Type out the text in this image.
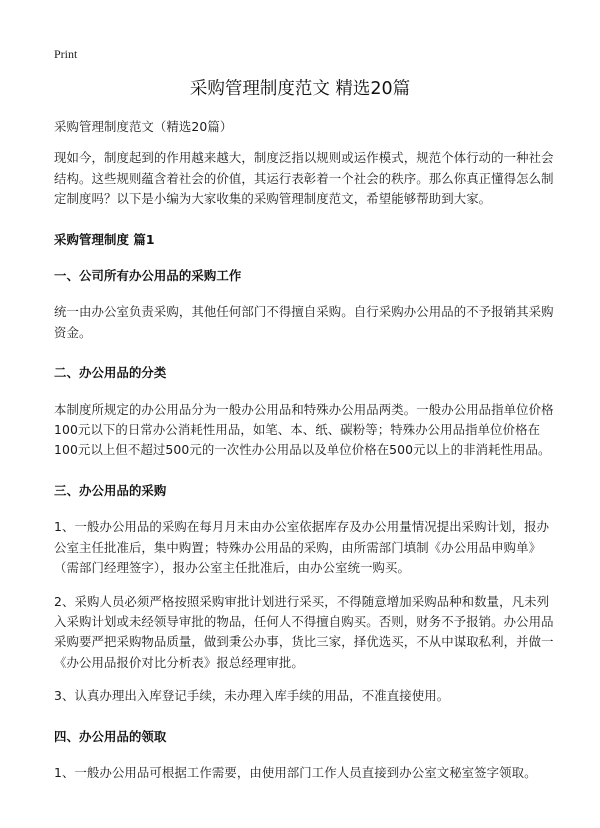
Print
采购管理制度范文 精选20篇

采购管理制度范文（精选20篇）

现如今，制度起到的作用越来越大，制度泛指以规则或运作模式，规范个体行动的一种社会结构。这些规则蕴含着社会的价值，其运行表彰着一个社会的秩序。那么你真正懂得怎么制定制度吗？以下是小编为大家收集的采购管理制度范文，希望能够帮助到大家。

采购管理制度 篇1
一、公司所有办公用品的采购工作

统一由办公室负责采购，其他任何部门不得擅自采购。自行采购办公用品的不予报销其采购资金。

二、办公用品的分类

本制度所规定的办公用品分为一般办公用品和特殊办公用品两类。一般办公用品指单位价格100元以下的日常办公消耗性用品，如笔、本、纸、碳粉等；特殊办公用品指单位价格在100元以上但不超过500元的一次性办公用品以及单位价格在500元以上的非消耗性用品。

三、办公用品的采购

1、一般办公用品的采购在每月月末由办公室依据库存及办公用量情况提出采购计划，报办公室主任批准后，集中购置；特殊办公用品的采购，由所需部门填制《办公用品申购单》（需部门经理签字），报办公室主任批准后，由办公室统一购买。

2、采购人员必须严格按照采购审批计划进行采买，不得随意增加采购品种和数量，凡未列入采购计划或未经领导审批的物品，任何人不得擅自购买。否则，财务不予报销。办公用品采购要严把采购物品质量，做到秉公办事，货比三家，择优选买，不从中谋取私利，并做一《办公用品报价对比分析表》报总经理审批。

3、认真办理出入库登记手续，未办理入库手续的用品，不准直接使用。

四、办公用品的领取

1、一般办公用品可根据工作需要，由使用部门工作人员直接到办公室文秘室签字领取。
